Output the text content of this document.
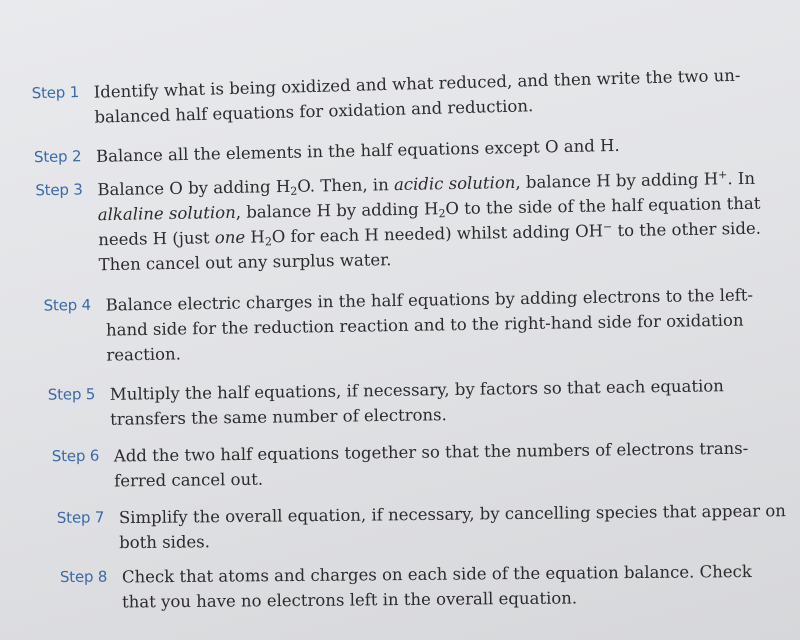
Step 1 Identify what is being oxidized and what reduced, and then write the two un-
balanced half equations for oxidation and reduction.
Step 2 Balance all the elements in the half equations except O and H.
Step 3 Balance O by adding $H_2O$. Then, in acidic solution, balance H by adding H+. In
alkaline solution, balance H by adding $H_2O$ to the side of the half equation that
needs H (just one $H_2O$ for each H needed) whilst adding OH− to the other side.
Then cancel out any surplus water.
Step 4 Balance electric charges in the half equations by adding electrons to the left-
hand side for the reduction reaction and to the right-hand side for oxidation
reaction.
Step 5 Multiply the half equations, if necessary, by factors so that each equation
transfers the same number of electrons.
Step 6 Add the two half equations together so that the numbers of electrons trans-
ferred cancel out.
Step 7 Simplify the overall equation, if necessary, by cancelling species that appear on
both sides.
Step 8 Check that atoms and charges on each side of the equation balance. Check
that you have no electrons left in the overall equation.
